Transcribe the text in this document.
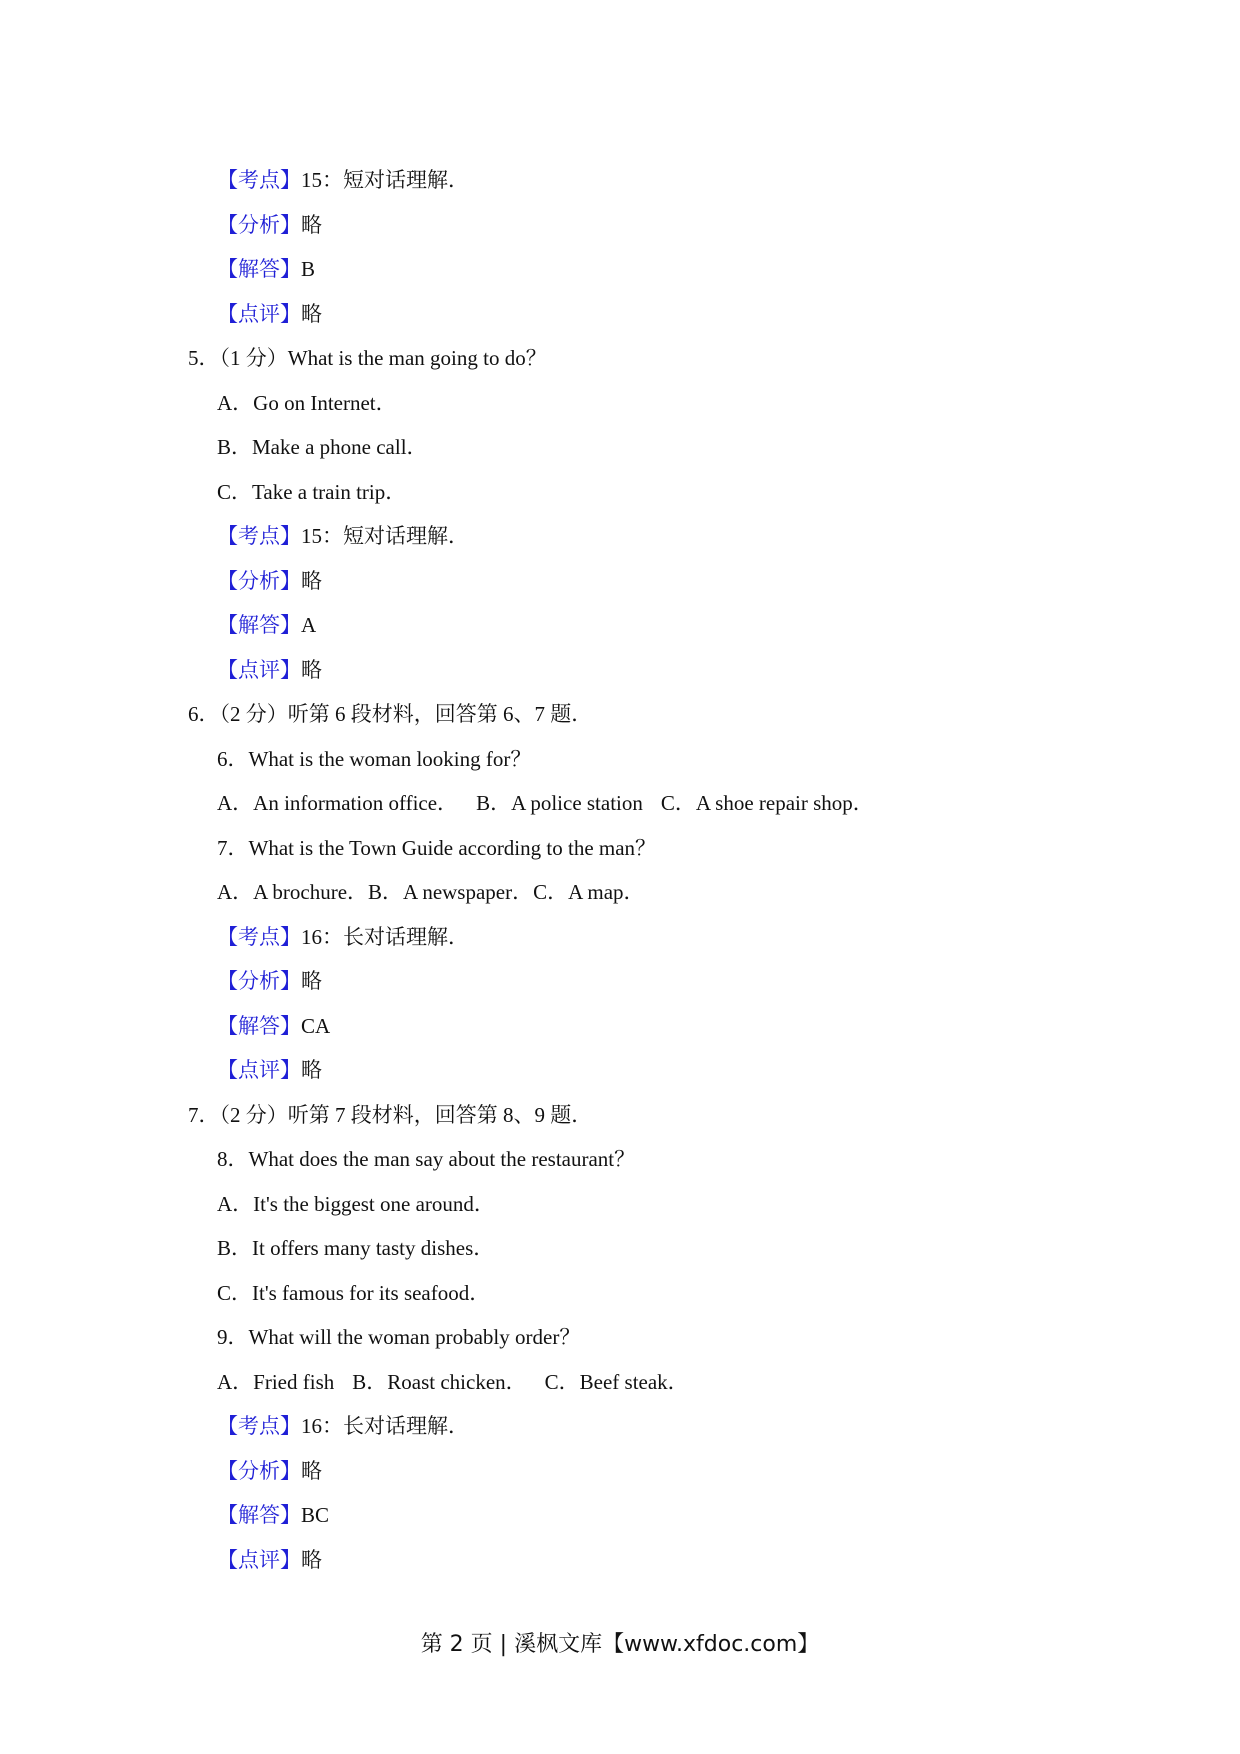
【考点】15：短对话理解．
【分析】略
【解答】B
【点评】略
5．（1 分）What is the man going to do？
A．Go on Internet．
B．Make a phone call．
C．Take a train trip．
【考点】15：短对话理解．
【分析】略
【解答】A
【点评】略
6．（2 分）听第 6 段材料，回答第 6、7 题．
6．What is the woman looking for？
A．An information office． B．A police station C．A shoe repair shop．
7．What is the Town Guide according to the man？
A．A brochure．B．A newspaper．C．A map．
【考点】16：长对话理解．
【分析】略
【解答】CA
【点评】略
7．（2 分）听第 7 段材料，回答第 8、9 题．
8．What does the man say about the restaurant？
A．It's the biggest one around．
B．It offers many tasty dishes．
C．It's famous for its seafood．
9．What will the woman probably order？
A．Fried fish B．Roast chicken． C．Beef steak．
【考点】16：长对话理解．
【分析】略
【解答】BC
【点评】略
第 2 页 | 溪枫文库【www.xfdoc.com】
